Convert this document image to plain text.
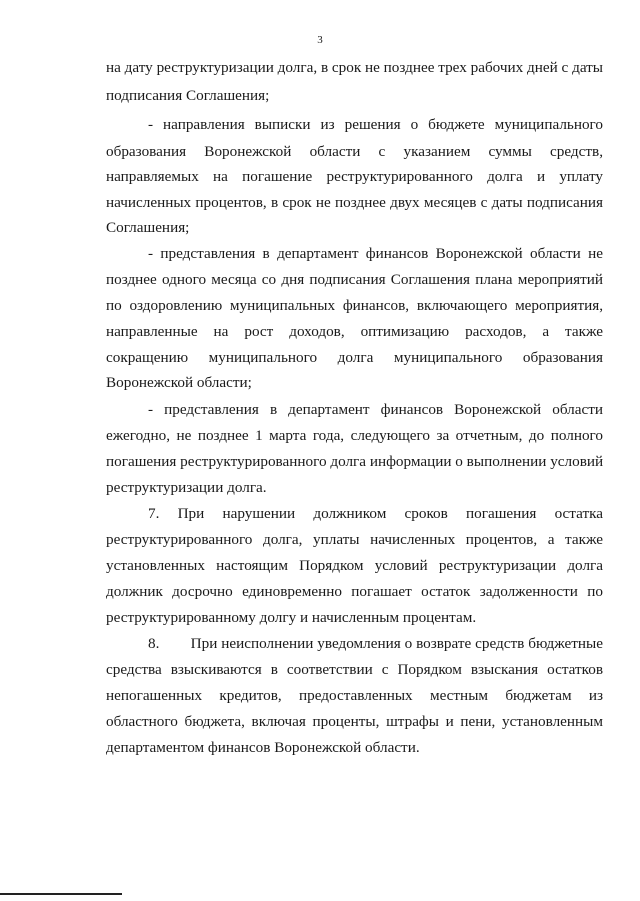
3
на дату реструктуризации долга, в срок не позднее трех рабочих дней с даты
подписания Соглашения;
- направления выписки из решения о бюджете муниципального
образования Воронежской области с указанием суммы средств,
направляемых на погашение реструктурированного долга и уплату
начисленных процентов, в срок не позднее двух месяцев с даты подписания
Соглашения;
- представления в департамент финансов Воронежской области не
позднее одного месяца со дня подписания Соглашения плана мероприятий
по оздоровлению муниципальных финансов, включающего мероприятия,
направленные на рост доходов, оптимизацию расходов, а также
сокращению муниципального долга муниципального образования
Воронежской области;
- представления в департамент финансов Воронежской области
ежегодно, не позднее 1 марта года, следующего за отчетным, до полного
погашения реструктурированного долга информации о выполнении условий
реструктуризации долга.
7. При нарушении должником сроков погашения остатка
реструктурированного долга, уплаты начисленных процентов, а также
установленных настоящим Порядком условий реструктуризации долга
должник досрочно единовременно погашает остаток задолженности по
реструктурированному долгу и начисленным процентам.
8.        При неисполнении уведомления о возврате средств бюджетные
средства взыскиваются в соответствии с Порядком взыскания остатков
непогашенных кредитов, предоставленных местным бюджетам из
областного бюджета, включая проценты, штрафы и пени, установленным
департаментом финансов Воронежской области.
